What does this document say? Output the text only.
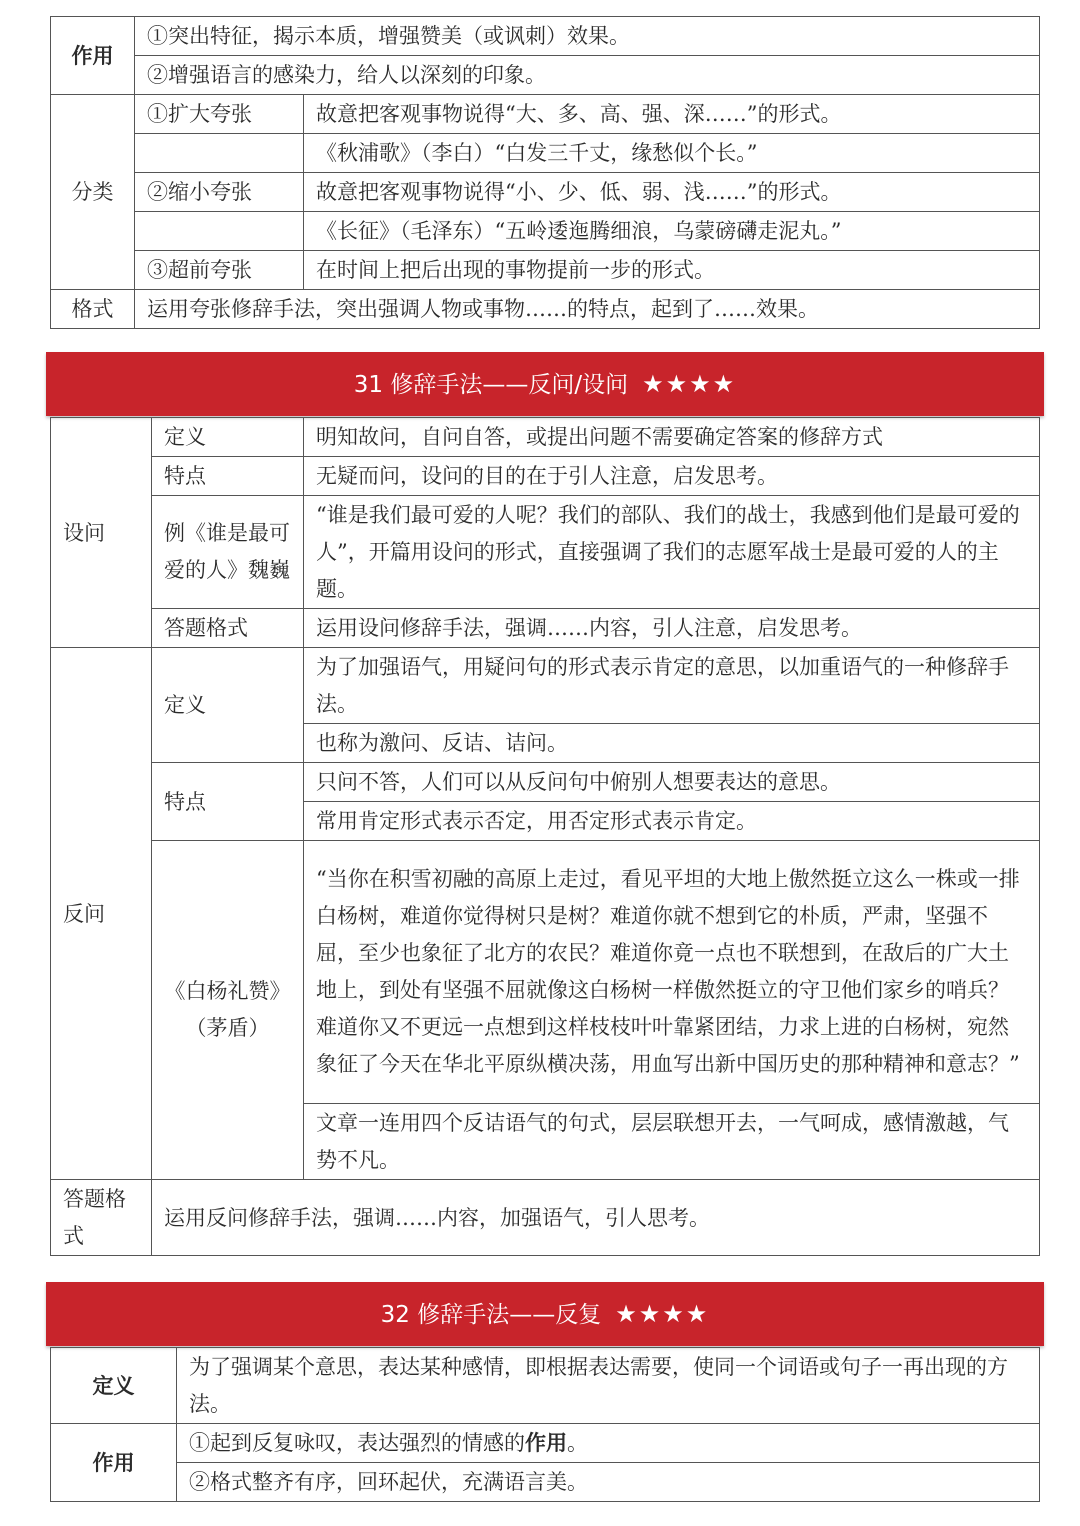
作用	①突出特征，揭示本质，增强赞美（或讽刺）效果。	
	②增强语言的感染力，给人以深刻的印象。	
分类	①扩大夸张	故意把客观事物说得“大、多、高、强、深……”的形式。
		《秋浦歌》（李白）“白发三千丈，缘愁似个长。”
	②缩小夸张	故意把客观事物说得“小、少、低、弱、浅……”的形式。
		《长征》（毛泽东）“五岭逶迤腾细浪，乌蒙磅礴走泥丸。”
	③超前夸张	在时间上把后出现的事物提前一步的形式。
格式	运用夸张修辞手法，突出强调人物或事物……的特点，起到了……效果。	
31 修辞手法——反问/设问 ★★★★
设问	定义	明知故问，自问自答，或提出问题不需要确定答案的修辞方式
	特点	无疑而问，设问的目的在于引人注意，启发思考。
	例《谁是最可爱的人》魏巍	“谁是我们最可爱的人呢？我们的部队、我们的战士，我感到他们是最可爱的人”，开篇用设问的形式，直接强调了我们的志愿军战士是最可爱的人的主题。
	答题格式	运用设问修辞手法，强调……内容，引人注意，启发思考。
反问	定义	为了加强语气，用疑问句的形式表示肯定的意思，以加重语气的一种修辞手法。
		也称为激问、反诘、诘问。
	特点	只问不答，人们可以从反问句中俯别人想要表达的意思。
		常用肯定形式表示否定，用否定形式表示肯定。
	《白杨礼赞》（茅盾）	“当你在积雪初融的高原上走过，看见平坦的大地上傲然挺立这么一株或一排白杨树，难道你觉得树只是树？难道你就不想到它的朴质，严肃，坚强不屈，至少也象征了北方的农民？难道你竟一点也不联想到，在敌后的广大土地上，到处有坚强不屈就像这白杨树一样傲然挺立的守卫他们家乡的哨兵？难道你又不更远一点想到这样枝枝叶叶靠紧团结，力求上进的白杨树，宛然象征了今天在华北平原纵横决荡，用血写出新中国历史的那种精神和意志？”
		文章一连用四个反诘语气的句式，层层联想开去，一气呵成，感情激越，气势不凡。
答题格式	运用反问修辞手法，强调……内容，加强语气，引人思考。	
32 修辞手法——反复 ★★★★
定义	为了强调某个意思，表达某种感情，即根据表达需要，使同一个词语或句子一再出现的方法。
作用	①起到反复咏叹，表达强烈的情感的作用。
	②格式整齐有序，回环起伏，充满语言美。
